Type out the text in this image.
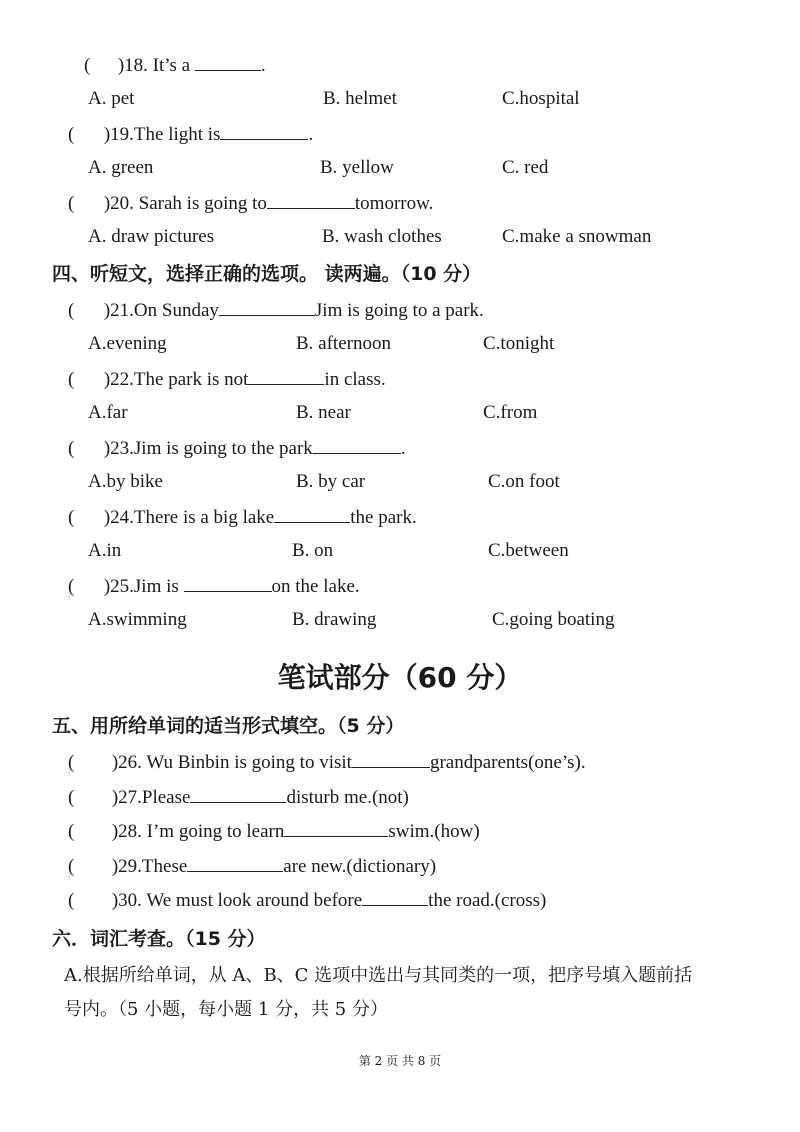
( )18. It’s a	.
A. pet	B. helmet	C.hospital
( )19.The light is	.
A. green	B. yellow	C. red
( )20. Sarah is going to	tomorrow.
A. draw pictures	B. wash clothes	C.make a snowman
四、听短文，选择正确的选项。 读两遍。（10 分）
( )21.On Sunday	Jim is going to a park.
A.evening	B. afternoon	C.tonight
( )22.The park is not	in class.
A.far	B. near	C.from
( )23.Jim is going to the park	.
A.by bike	B. by car	C.on foot
( )24.There is a big lake	the park.
A.in	B. on	C.between
( )25.Jim is	on the lake.
A.swimming	B. drawing	C.going boating
笔试部分（60 分）
五、用所给单词的适当形式填空。（5 分）
( )26. Wu Binbin is going to visit	grandparents(one’s).
( )27.Please	disturb me.(not)
( )28. I’m going to learn	swim.(how)
( )29.These	are new.(dictionary)
( )30. We must look around before	the road.(cross)
六．词汇考查。（15 分）
A.根据所给单词，从 A、B、C 选项中选出与其同类的一项，把序号填入题前括
号内。（5 小题，每小题 1 分，共 5 分）
第 2 页 共 8 页
